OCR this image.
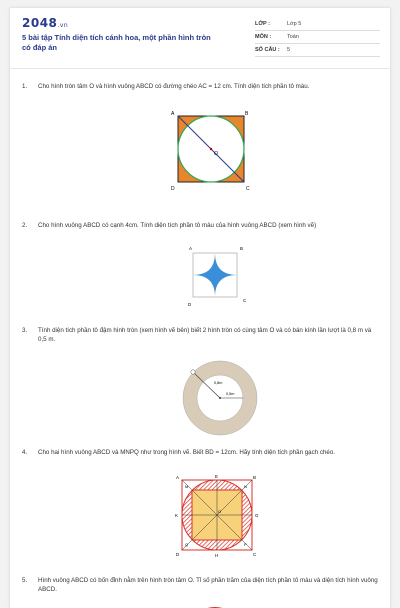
2048.vn
5 bài tập Tính diện tích cánh hoa, một phần hình tròn có đáp án
LỚP :	Lớp 5
MÔN :	Toán
SỐ CÂU :	5
1. Cho hình tròn tâm O và hình vuông ABCD có đường chéo AC = 12 cm. Tính diện tích phần tô màu.
A	B
C
D
O
2. Cho hình vuông ABCD có cạnh 4cm. Tính diện tích phần tô màu của hình vuông ABCD (xem hình vẽ)
A	B
C
D
3. Tính diện tích phần tô đậm hình tròn (xem hình vẽ bên) biết 2 hình tròn có cùng tâm O và có bán kính lần lượt là 0,8 m và 0,5 m.
0,8m
0,5m
4. Cho hai hình vuông ABCD và MNPQ như trong hình vẽ. Biết BD = 12cm. Hãy tính diện tích phần gạch chéo.
A	B
C
D
E
G
H
K
M	N
P
Q
O
5. Hình vuông ABCD có bốn đỉnh nằm trên hình tròn tâm O. Tỉ số phần trăm của diện tích phần tô màu và diện tích hình vuông ABCD.
